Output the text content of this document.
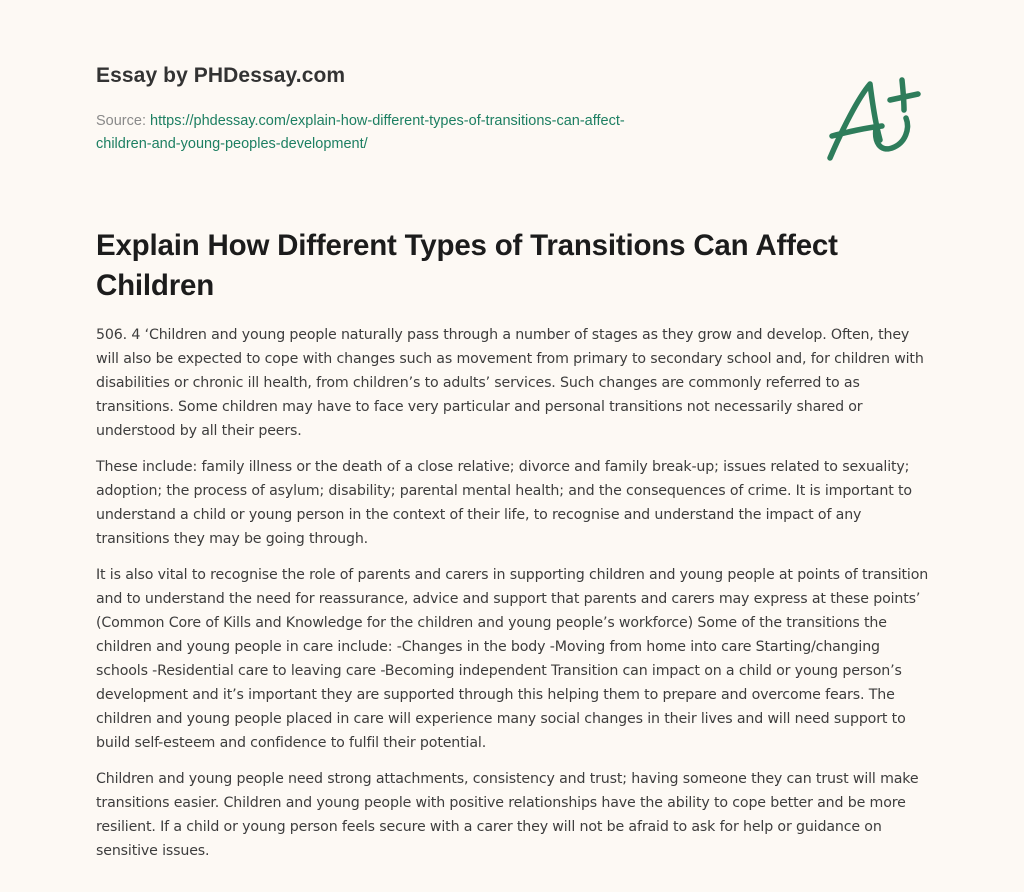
Essay by PHDessay.com
Source: https://phdessay.com/explain-how-different-types-of-transitions-can-affect-
children-and-young-peoples-development/
Explain How Different Types of Transitions Can Affect Children

506. 4 ‘Children and young people naturally pass through a number of stages as they grow and develop. Often, they will also be expected to cope with changes such as movement from primary to secondary school and, for children with disabilities or chronic ill health, from children’s to adults’ services. Such changes are commonly referred to as transitions. Some children may have to face very particular and personal transitions not necessarily shared or understood by all their peers.

These include: family illness or the death of a close relative; divorce and family break-up; issues related to sexuality; adoption; the process of asylum; disability; parental mental health; and the consequences of crime. It is important to understand a child or young person in the context of their life, to recognise and understand the impact of any transitions they may be going through.

It is also vital to recognise the role of parents and carers in supporting children and young people at points of transition and to understand the need for reassurance, advice and support that parents and carers may express at these points’ (Common Core of Kills and Knowledge for the children and young people’s workforce) Some of the transitions the children and young people in care include: -Changes in the body -Moving from home into care Starting/changing schools -Residential care to leaving care -Becoming independent Transition can impact on a child or young person’s development and it’s important they are supported through this helping them to prepare and overcome fears. The children and young people placed in care will experience many social changes in their lives and will need support to build self-esteem and confidence to fulfil their potential.

Children and young people need strong attachments, consistency and trust; having someone they can trust will make transitions easier. Children and young people with positive relationships have the ability to cope better and be more resilient. If a child or young person feels secure with a carer they will not be afraid to ask for help or guidance on sensitive issues.
